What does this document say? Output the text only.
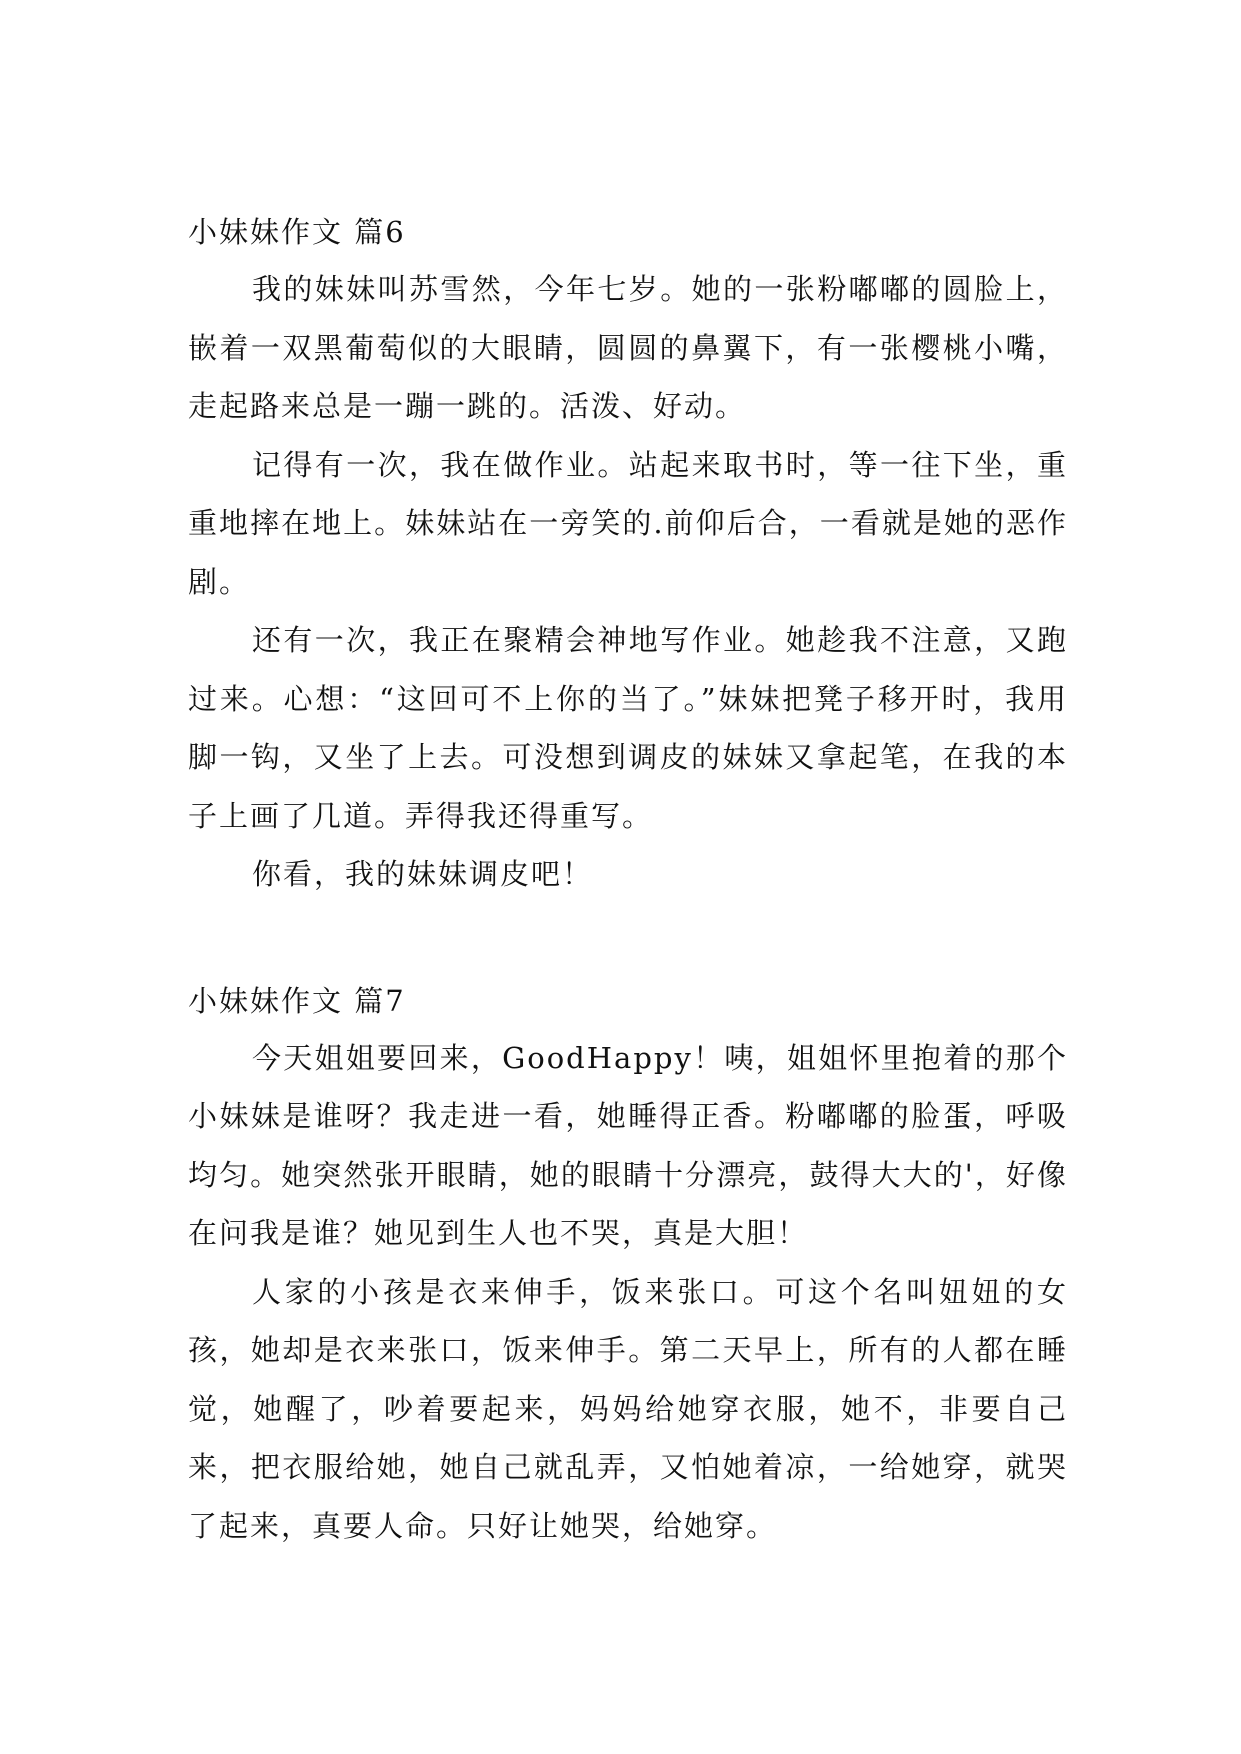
小妹妹作文 篇6

我的妹妹叫苏雪然，今年七岁。她的一张粉嘟嘟的圆脸上，嵌着一双黑葡萄似的大眼睛，圆圆的鼻翼下，有一张樱桃小嘴，走起路来总是一蹦一跳的。活泼、好动。

记得有一次，我在做作业。站起来取书时，等一往下坐，重重地摔在地上。妹妹站在一旁笑的.前仰后合，一看就是她的恶作剧。

还有一次，我正在聚精会神地写作业。她趁我不注意，又跑过来。心想：“这回可不上你的当了。”妹妹把凳子移开时，我用脚一钩，又坐了上去。可没想到调皮的妹妹又拿起笔，在我的本子上画了几道。弄得我还得重写。

你看，我的妹妹调皮吧！

小妹妹作文 篇7

今天姐姐要回来，GoodHappy！咦，姐姐怀里抱着的那个小妹妹是谁呀？我走进一看，她睡得正香。粉嘟嘟的脸蛋，呼吸均匀。她突然张开眼睛，她的眼睛十分漂亮，鼓得大大的'，好像在问我是谁？她见到生人也不哭，真是大胆！

人家的小孩是衣来伸手，饭来张口。可这个名叫妞妞的女孩，她却是衣来张口，饭来伸手。第二天早上，所有的人都在睡觉，她醒了，吵着要起来，妈妈给她穿衣服，她不，非要自己来，把衣服给她，她自己就乱弄，又怕她着凉，一给她穿，就哭了起来，真要人命。只好让她哭，给她穿。
